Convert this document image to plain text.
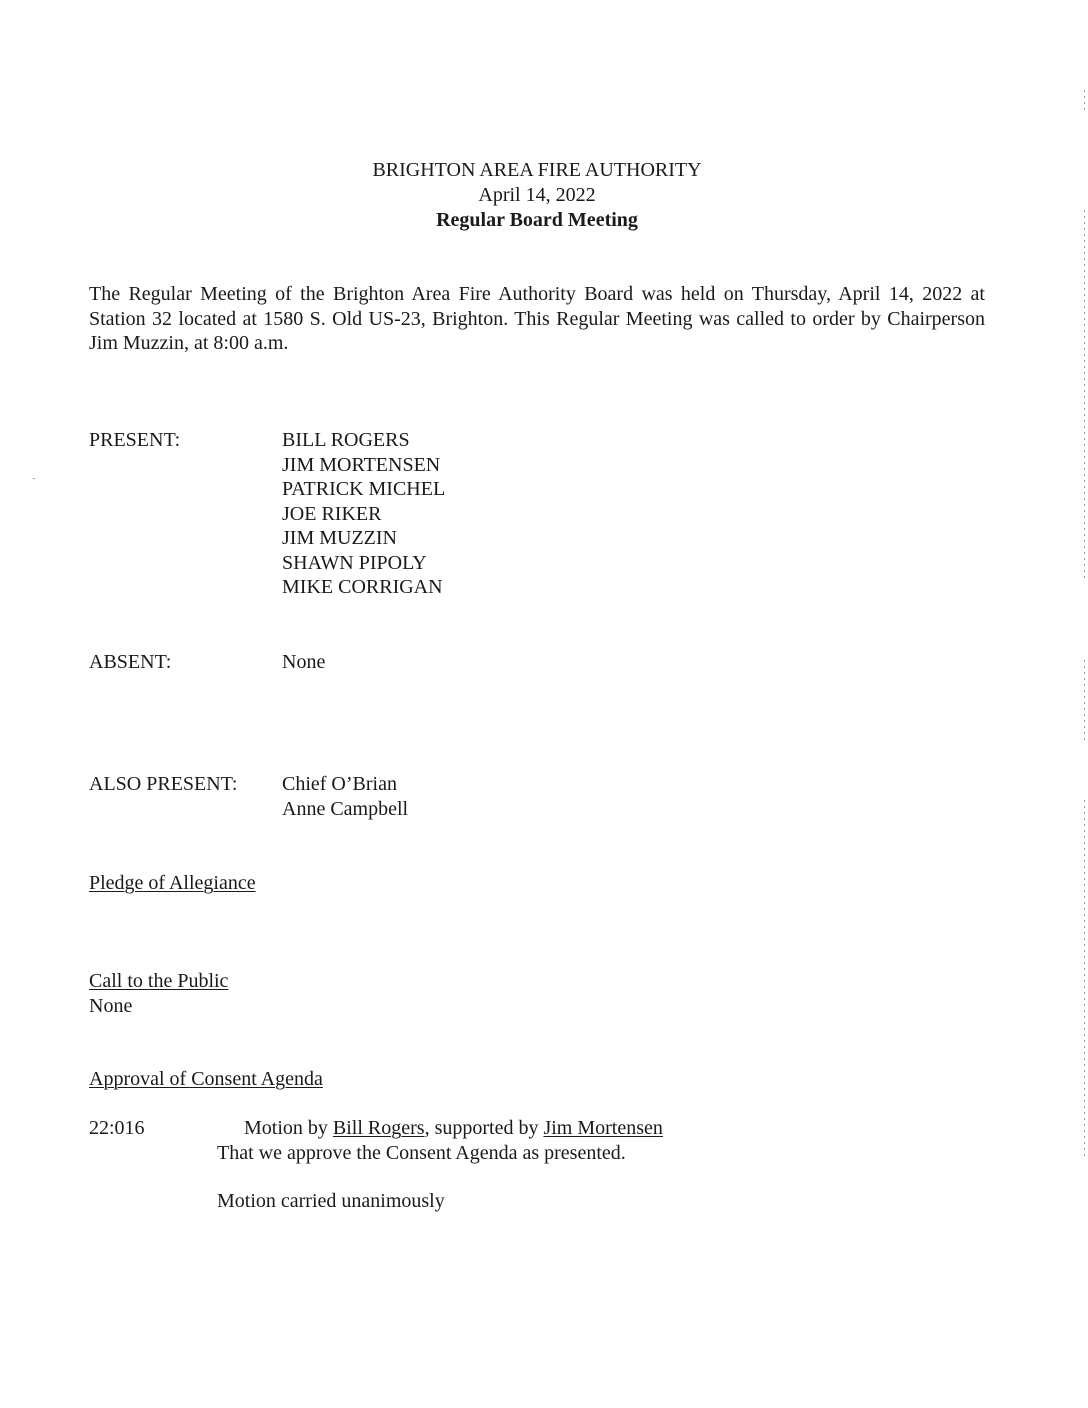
BRIGHTON AREA FIRE AUTHORITY
April 14, 2022
Regular Board Meeting
The Regular Meeting of the Brighton Area Fire Authority Board was held on Thursday, April 14, 2022 at Station 32 located at 1580 S. Old US-23, Brighton. This Regular Meeting was called to order by Chairperson Jim Muzzin, at 8:00 a.m.
PRESENT:	BILL ROGERS
JIM MORTENSEN
PATRICK MICHEL
JOE RIKER
JIM MUZZIN
SHAWN PIPOLY
MIKE CORRIGAN
ABSENT:	None
ALSO PRESENT: Chief O’Brian
Anne Campbell
Pledge of Allegiance
Call to the Public
None
Approval of Consent Agenda
22:016	Motion by Bill Rogers, supported by Jim Mortensen
That we approve the Consent Agenda as presented.
Motion carried unanimously
